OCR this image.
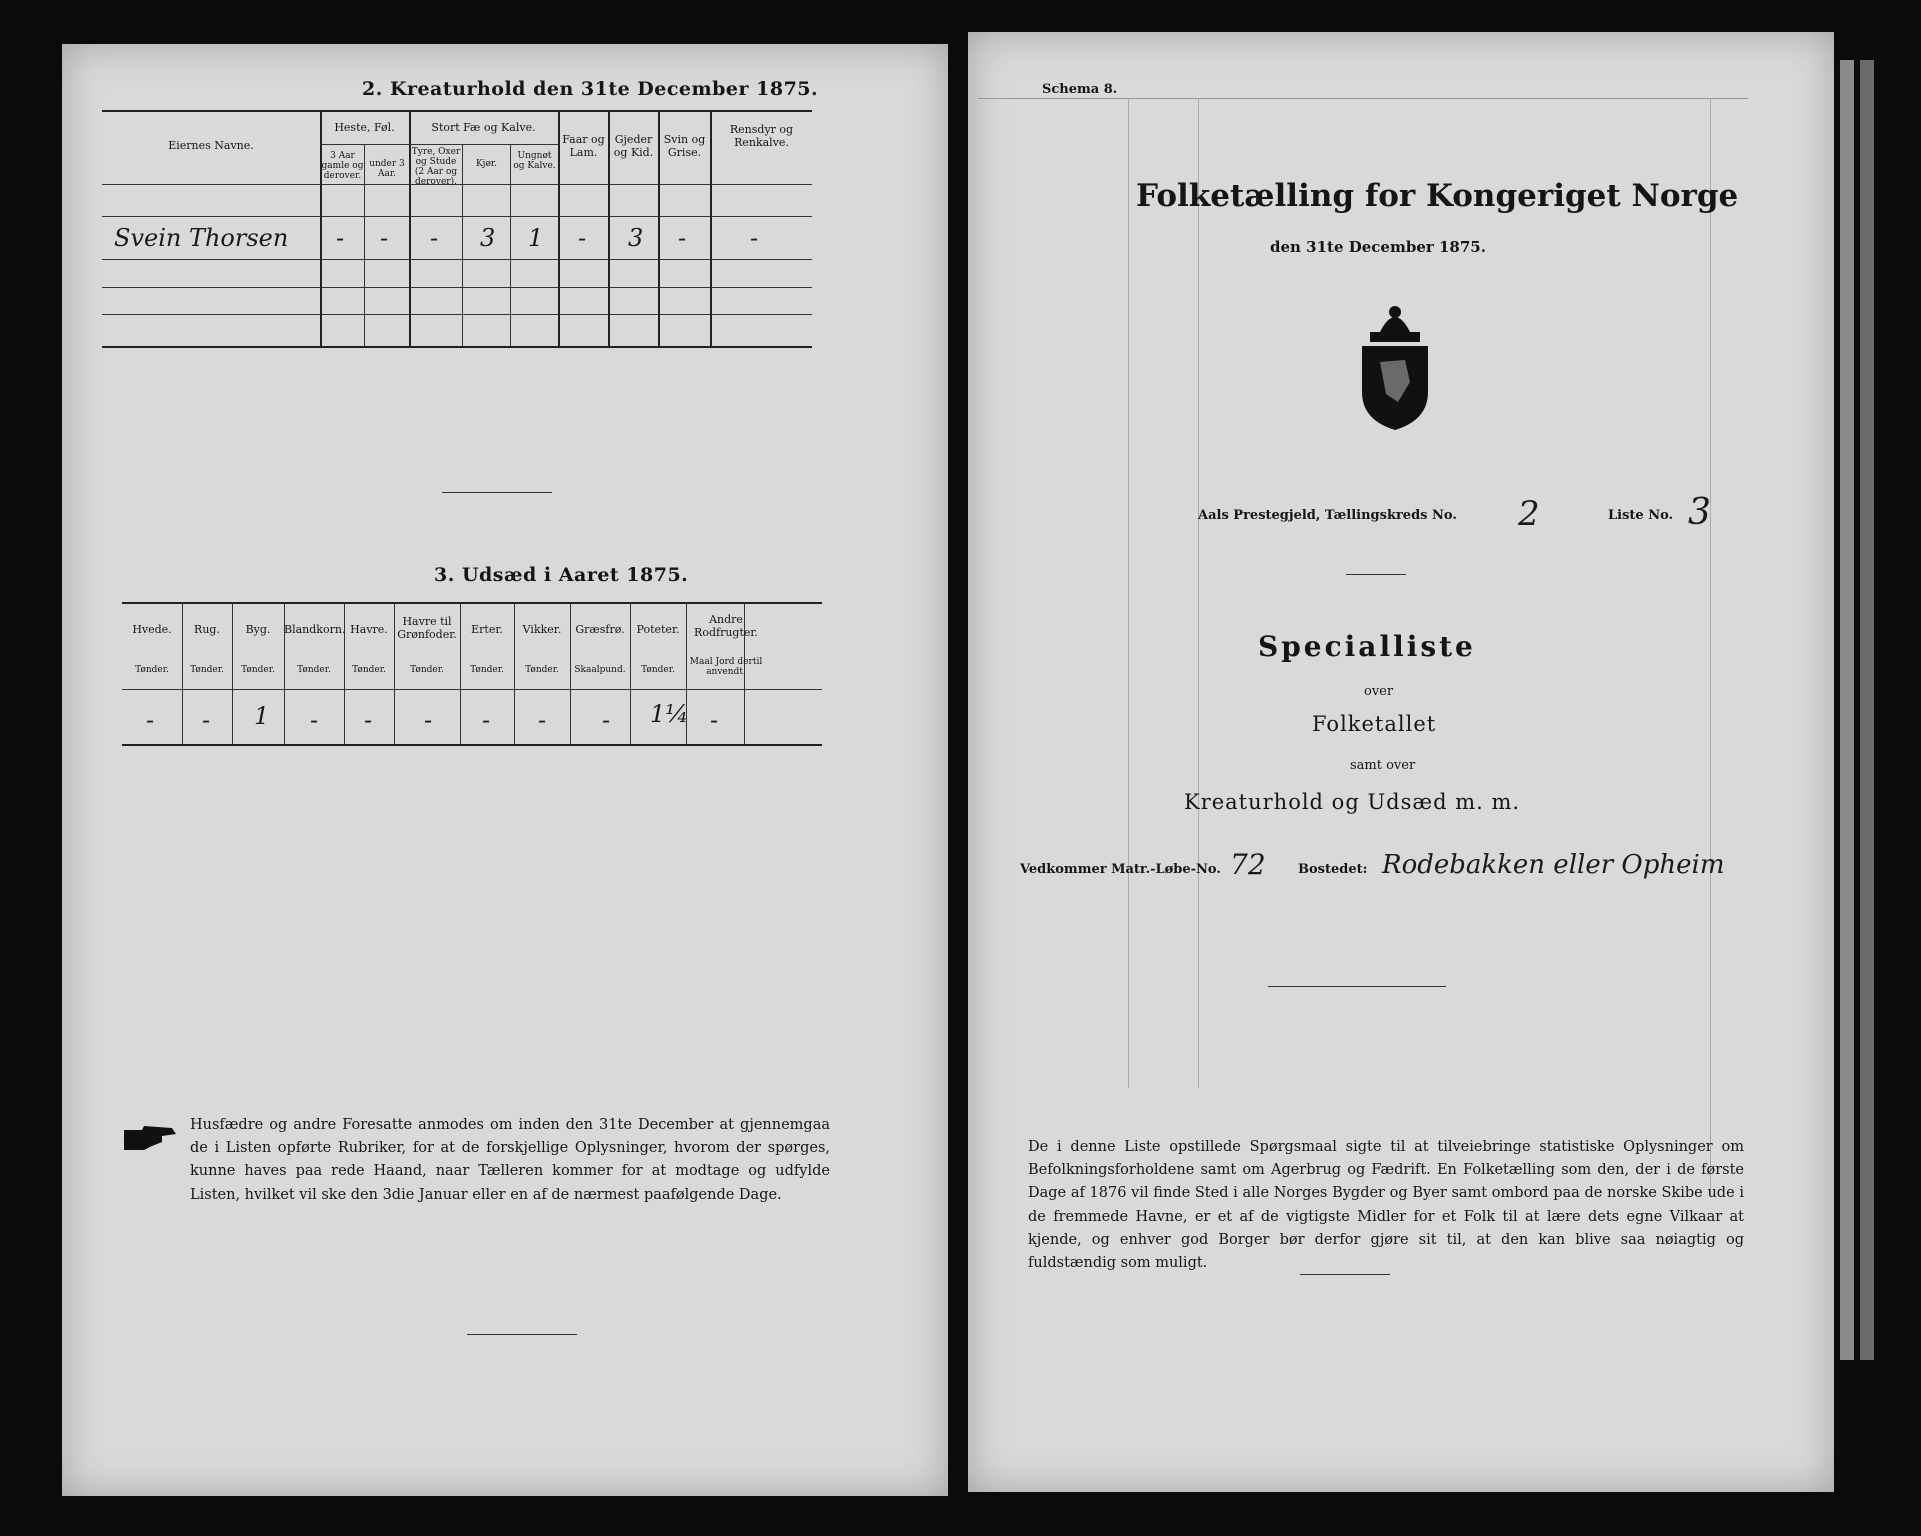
2. Kreaturhold den 31te December 1875.
Eiernes Navne.
Heste, Føl.
3 Aar gamle og derover.
under 3 Aar.
Stort Fæ og Kalve.
Tyre, Oxer og Stude (2 Aar og derover).
Kjør.
Ungnøt og Kalve.
Faar og Lam.
Gjeder og Kid.
Svin og Grise.
Rensdyr og Renkalve.
Svein Thorsen - - - 3 1 - 3 -	-
3. Udsæd i Aaret 1875.
Hvede.
Tønder.
Rug.
Tønder.
Byg.
Tønder.
Blandkorn.
Tønder.
Havre.
Tønder.
Havre til Grønfoder.
Tønder.
Erter.
Tønder.
Vikker.
Tønder.
Græsfrø.
Skaalpund.
Poteter.
Tønder.
Andre Rodfrugter.
Maal Jord dertil anvendt.
- - 1 - - - - - - 1¼ -
Husfædre og andre Foresatte anmodes om inden den 31te December at gjennemgaa de i Listen opførte Rubriker, for at de forskjellige Oplysninger, hvorom der spørges, kunne haves paa rede Haand, naar Tælleren kommer for at modtage og udfylde Listen, hvilket vil ske den 3die Januar eller en af de nærmest paafølgende Dage.
Schema 8.
Folketælling for Kongeriget Norge
den 31te December 1875.
Aals Prestegjeld, Tællingskreds No. 2	Liste No. 3
Specialliste
over
Folketallet
samt over
Kreaturhold og Udsæd m. m.
Vedkommer Matr.-Løbe-No. 72 Bostedet: Rodebakken eller Opheim
De i denne Liste opstillede Spørgsmaal sigte til at tilveiebringe statistiske Oplysninger om Befolkningsforholdene samt om Agerbrug og Fædrift. En Folketælling som den, der i de første Dage af 1876 vil finde Sted i alle Norges Bygder og Byer samt ombord paa de norske Skibe ude i de fremmede Havne, er et af de vigtigste Midler for et Folk til at lære dets egne Vilkaar at kjende, og enhver god Borger bør derfor gjøre sit til, at den kan blive saa nøiagtig og fuldstændig som muligt.
